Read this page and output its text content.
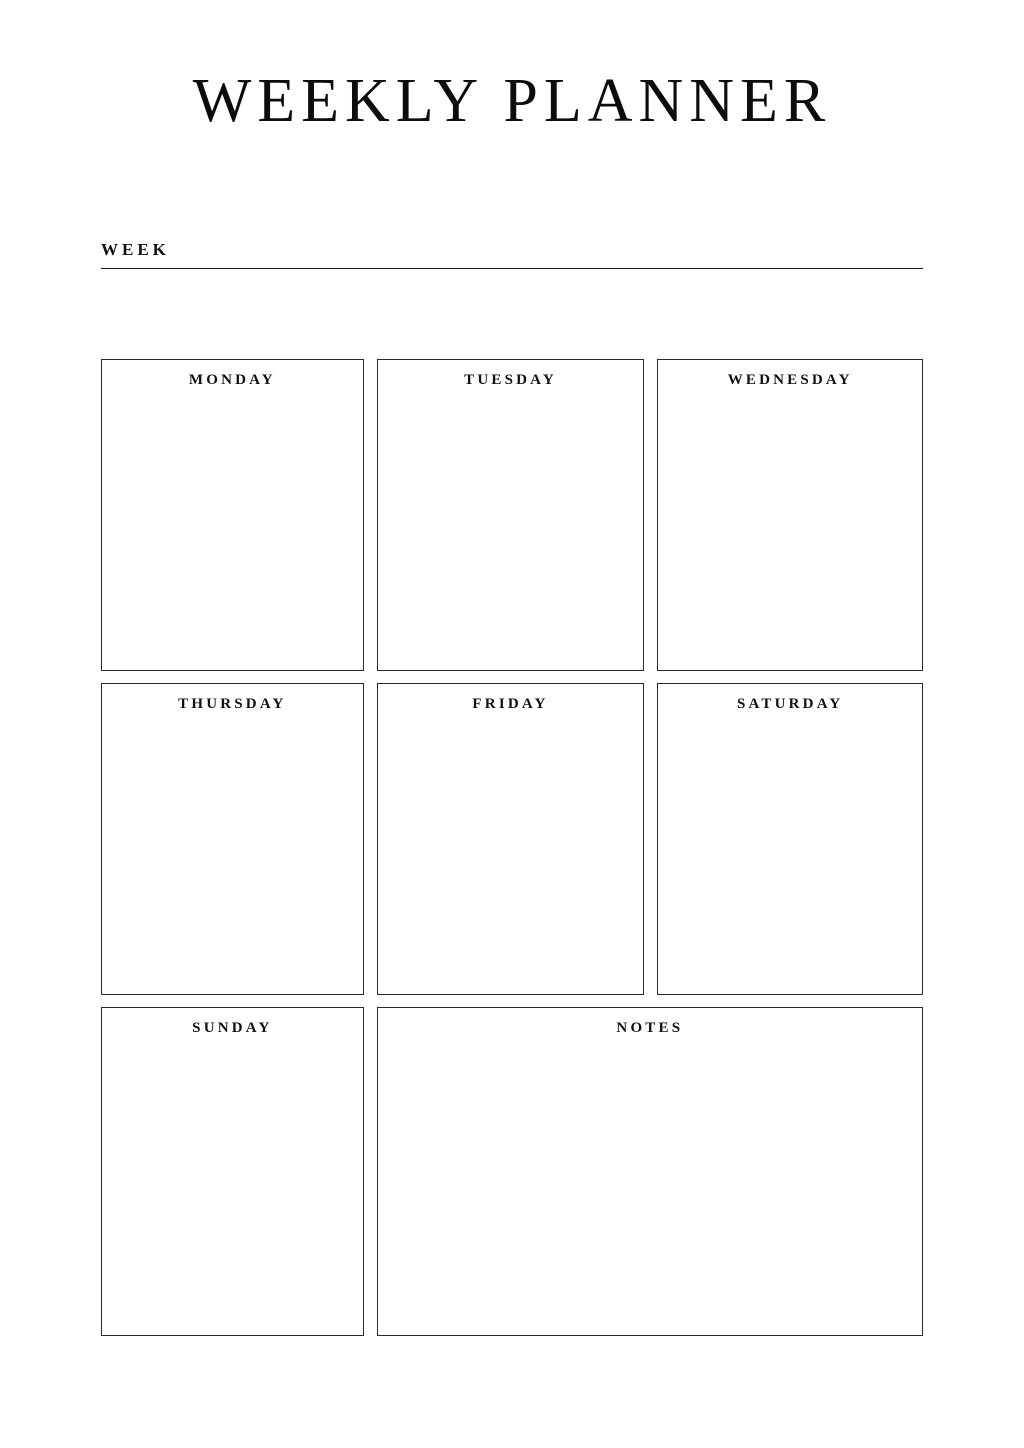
WEEKLY PLANNER
WEEK
MONDAY	TUESDAY	WEDNESDAY
THURSDAY	FRIDAY	SATURDAY
SUNDAY	NOTES
